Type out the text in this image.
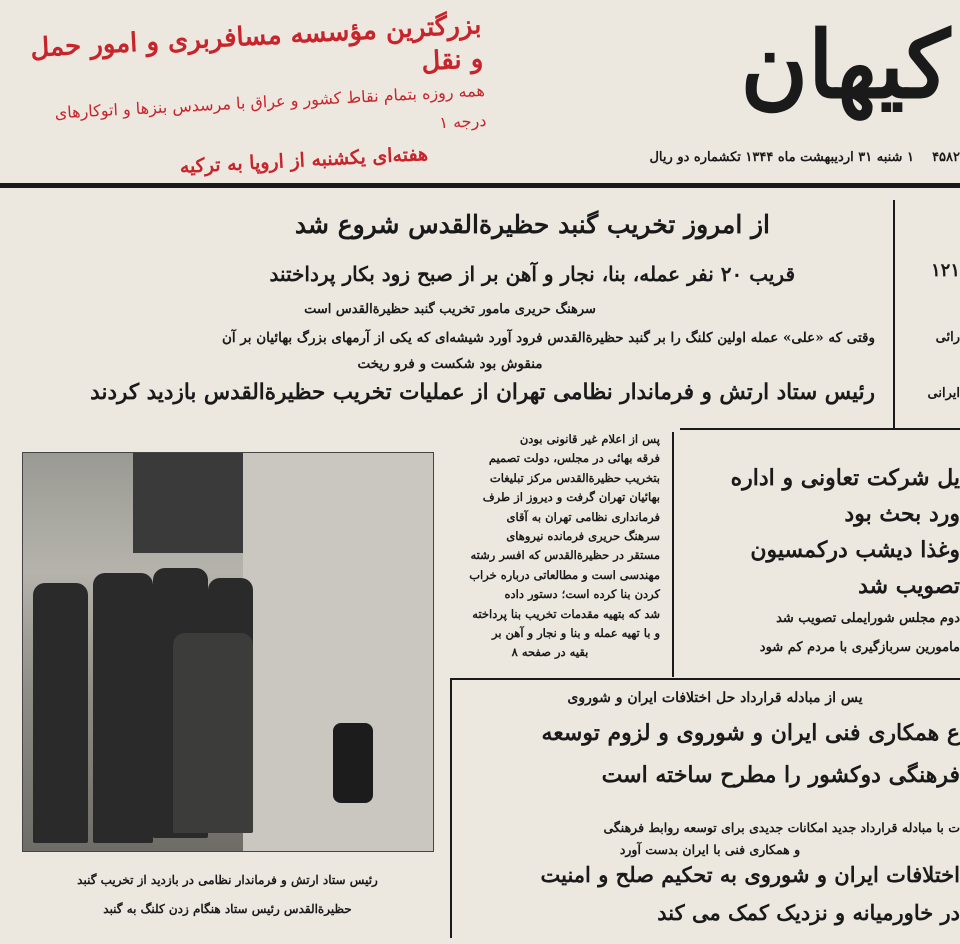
بزرگترین مؤسسه مسافربری و امور حمل و نقل
همه روزه بتمام نقاط کشور و عراق با مرسدس بنزها و اتوکارهای درجه ۱
هفته‌ای یکشنبه از اروپا به ترکیه
کیهان
۴۵۸۲    ۱ شنبه ۳۱ اردیبهشت ماه ۱۳۴۴ تکشماره دو ریال
از امروز تخریب گنبد حظیرةالقدس شروع شد
قریب ۲۰ نفر عمله، بنا، نجار و آهن بر از صبح زود بکار پرداختند
سرهنگ حریری مامور تخریب گنبد حظیرةالقدس است
وقتی که «علی» عمله اولین کلنگ را بر گنبد حظیرةالقدس فرود آورد شیشه‌ای که یکی از آرمهای بزرگ بهائیان بر آن
منقوش بود شکست و فرو ریخت
رئیس ستاد ارتش و فرماندار نظامی تهران از عملیات تخریب حظیرةالقدس بازدید کردند
۱۲۱
رائی
ایرانی
پس از اعلام غیر قانونی بودن
فرقه بهائی در مجلس، دولت تصمیم
بتخریب حظیرةالقدس مرکز تبلیغات
بهائیان تهران گرفت و دیروز از طرف
فرمانداری نظامی تهران به آقای
سرهنگ حریری فرمانده نیروهای
مستقر در حظیرةالقدس که افسر رشته
مهندسی است و مطالعاتی درباره خراب
کردن بنا کرده است؛ دستور داده
شد که بتهیه مقدمات تخریب بنا پرداخته
و با تهیه عمله و بنا و نجار و آهن بر
بقیه در صفحه ۸
رئیس ستاد ارتش و فرماندار نظامی در بازدید از تخریب گنبد
حظیرةالقدس رئیس ستاد هنگام زدن کلنگ به گنبد
یل شرکت تعاونی و اداره
ورد بحث بود
وغذا دیشب درکمسیون
تصویب شد
دوم مجلس شورایملی تصویب شد
مامورین سربازگیری با مردم کم شود
یس از مبادله قرارداد حل اختلافات ایران و شوروی
ع همکاری فنی ایران و شوروی و لزوم توسعه
فرهنگی دوکشور را مطرح ساخته است
ت با مبادله قرارداد جدید امکانات جدیدی برای توسعه روابط فرهنگی
و همکاری فنی با ایران بدست آورد
اختلافات ایران و شوروی به تحکیم صلح و امنیت
در خاورمیانه و نزدیک کمک می کند
